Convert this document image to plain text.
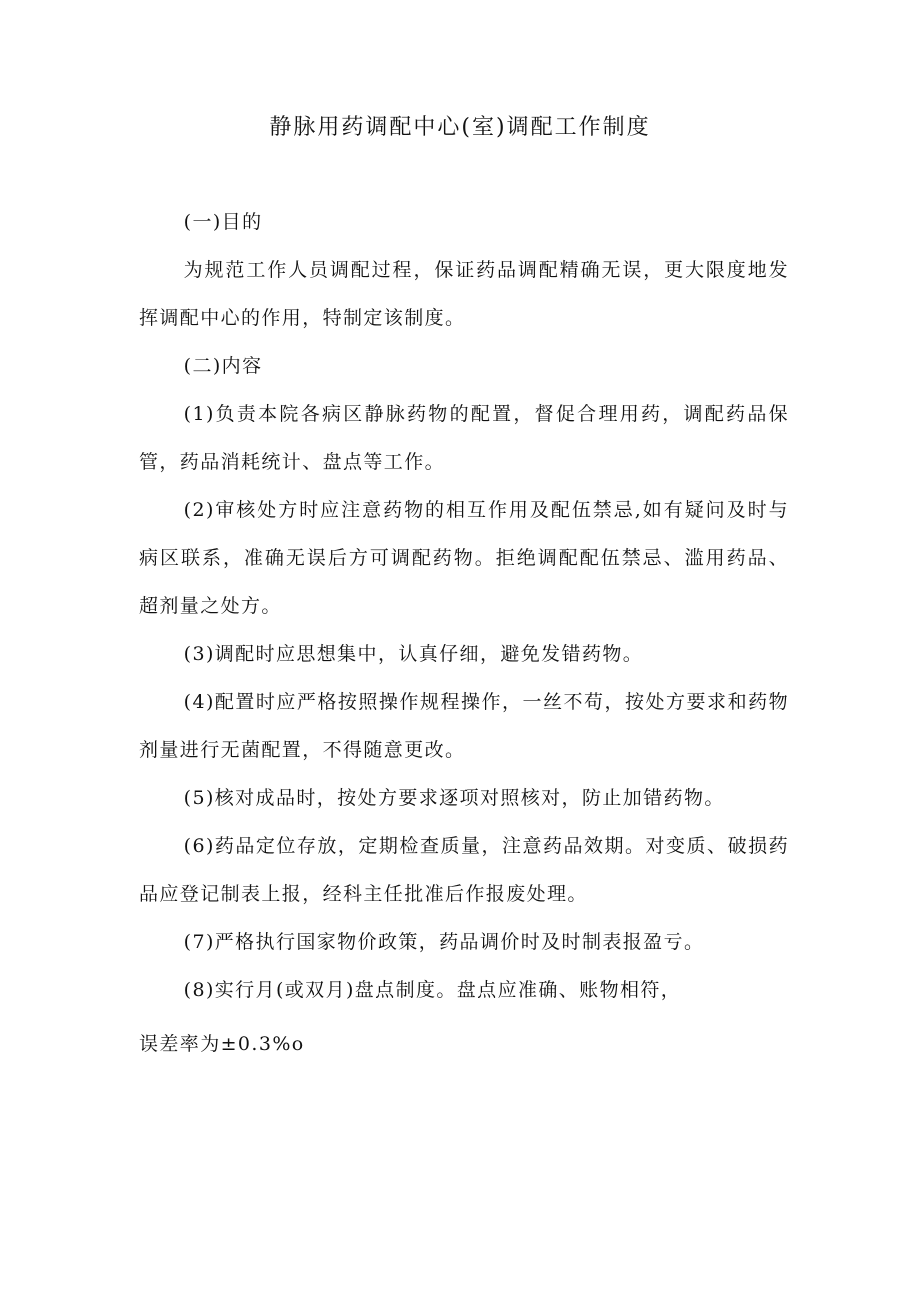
静脉用药调配中心(室)调配工作制度

(一)目的

为规范工作人员调配过程，保证药品调配精确无误，更大限度地发挥调配中心的作用，特制定该制度。

(二)内容

(1)负责本院各病区静脉药物的配置，督促合理用药，调配药品保管，药品消耗统计、盘点等工作。

(2)审核处方时应注意药物的相互作用及配伍禁忌,如有疑问及时与病区联系，准确无误后方可调配药物。拒绝调配配伍禁忌、滥用药品、超剂量之处方。

(3)调配时应思想集中，认真仔细，避免发错药物。

(4)配置时应严格按照操作规程操作，一丝不苟，按处方要求和药物剂量进行无菌配置，不得随意更改。

(5)核对成品时，按处方要求逐项对照核对，防止加错药物。

(6)药品定位存放，定期检查质量，注意药品效期。对变质、破损药品应登记制表上报，经科主任批准后作报废处理。

(7)严格执行国家物价政策，药品调价时及时制表报盈亏。

(8)实行月(或双月)盘点制度。盘点应准确、账物相符，

误差率为±0.3%o
